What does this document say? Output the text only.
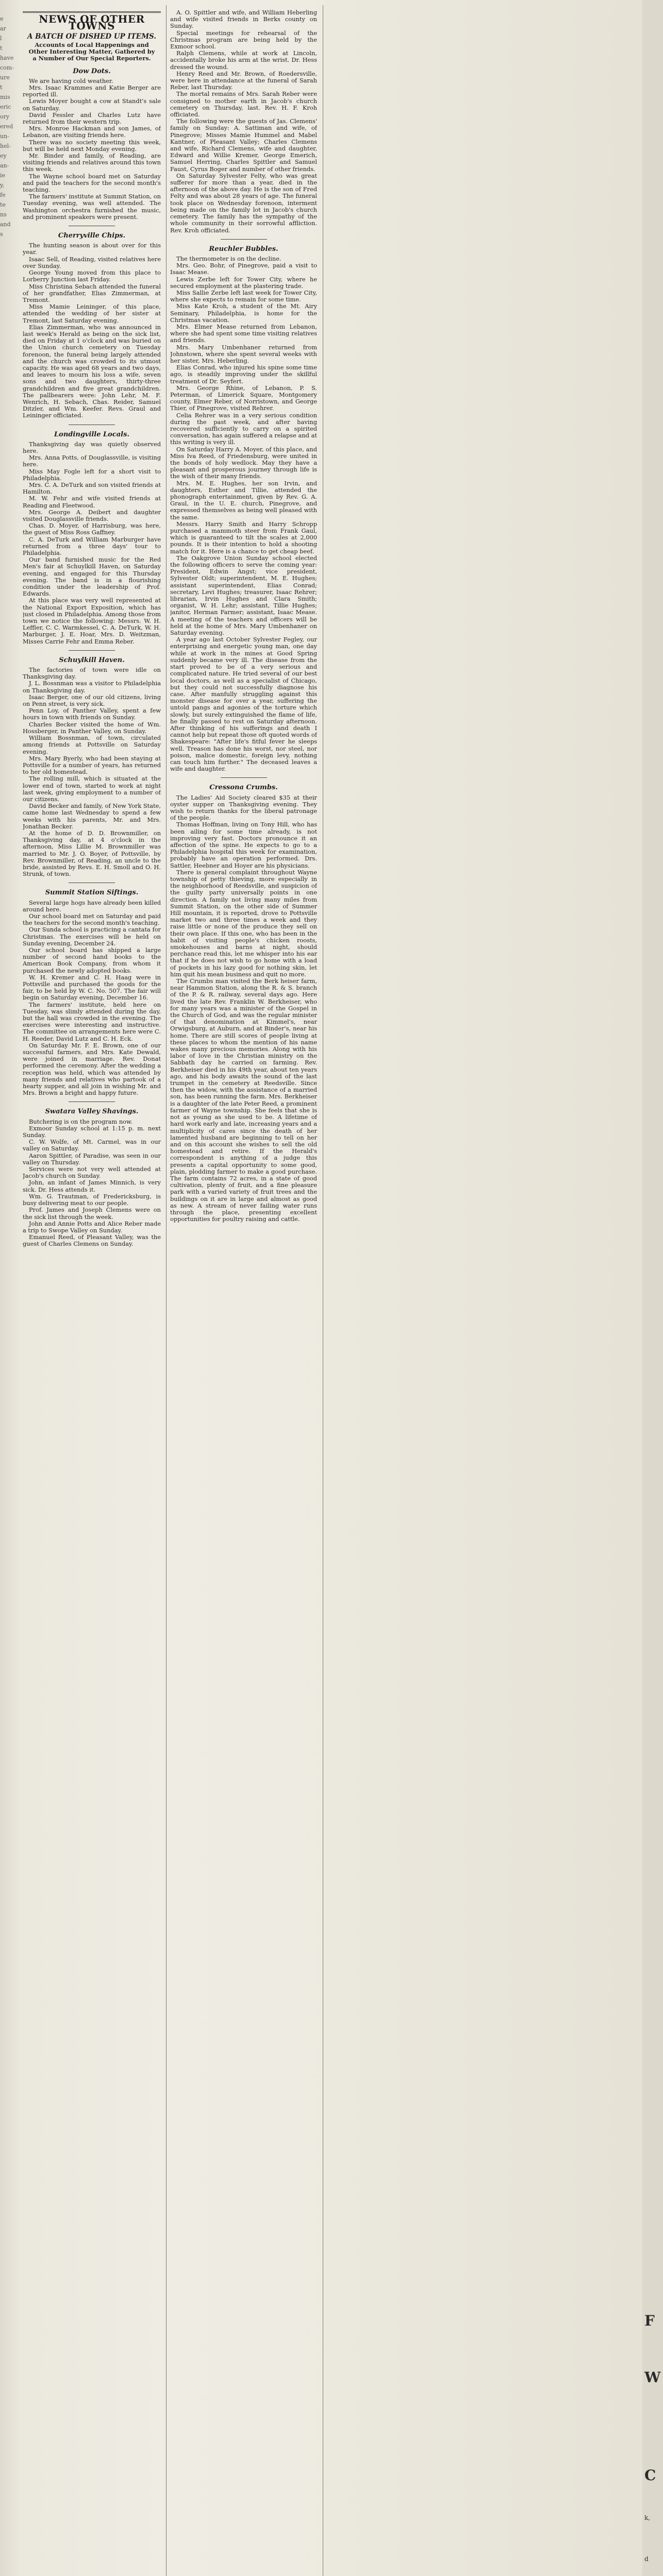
e
ar
l
t
have
com-
ure
t
mis
eric
ory
ered
un-
hel-
ey
an-
ie
y,
fe
te
ns
and
s
NEWS OF OTHER TOWNS
A BATCH OF DISHED UP ITEMS.
Accounts of Local Happenings and Other Interesting Matter, Gathered by a Number of Our Special Reporters.
Dow Dots.

We are having cold weather.

Mrs. Isaac Krammes and Katie Berger are reported ill.

Lewis Moyer bought a cow at Standt's sale on Saturday.

David Fessler and Charles Lutz have returned from their western trip.

Mrs. Monroe Hackman and son James, of Lebanon, are visiting friends here.

There was no society meeting this week, but will be held next Monday evening.

Mr. Binder and family, of Reading, are visiting friends and relatives around this town this week.

The Wayne school board met on Saturday and paid the teachers for the second month's teaching.

The farmers' institute at Summit Station, on Tuesday evening, was well attended. The Washington orchestra furnished the music, and prominent speakers were present.

Cherryville Chips.

The hunting season is about over for this year.

Isaac Sell, of Reading, visited relatives here over Sunday.

George Young moved from this place to Lorberry Junction last Friday.

Miss Christina Sebach attended the funeral of her grandfather, Elias Zimmerman, at Tremont.

Miss Mamie Leininger, of this place, attended the wedding of her sister at Tremont, last Saturday evening.

Elias Zimmerman, who was announced in last week's Herald as being on the sick list, died on Friday at 1 o'clock and was buried on the Union church cemetery on Tuesday forenoon, the funeral being largely attended and the church was crowded to its utmost capacity. He was aged 68 years and two days, and leaves to mourn his loss a wife, seven sons and two daughters, thirty-three grandchildren and five great grandchildren. The pallbearers were: John Lehr, M. F. Wenrich, H. Sebach, Chas. Reider, Samuel Ditzler, and Wm. Keefer. Revs. Graul and Leininger officiated.

Londingville Locals.

Thanksgiving day was quietly observed here.

Mrs. Anna Potts, of Douglassville, is visiting here.

Miss May Fogle left for a short visit to Philadelphia.

Mrs. C. A. DeTurk and son visited friends at Hamilton.

M. W. Fehr and wife visited friends at Reading and Fleetwood.

Mrs. George A. Deibert and daughter visited Douglassville friends.

Chas. D. Moyer, of Harrisburg, was here, the guest of Miss Ross Gaffney.

C. A. DeTurk and William Marburger have returned from a three days' tour to Philadelphia.

Our band furnished music for the Red Men's fair at Schuylkill Haven, on Saturday evening, and engaged for this Thursday evening. The band is in a flourishing condition under the leadership of Prof. Edwards.

At this place was very well represented at the National Export Exposition, which has just closed in Philadelphia. Among those from town we notice the following: Messrs. W. H. Leffler, C. C. Warmkessel, C. A. DeTurk, W. H. Marburger, J. E. Hoar, Mrs. D. Weitzman, Misses Carrie Fehr and Emma Reber.

Schuylkill Haven.

The factories of town were idle on Thanksgiving day.

J. L. Bossnman was a visitor to Philadelphia on Thanksgiving day.

Isaac Berger, one of our old citizens, living on Penn street, is very sick.

Penn Loy, of Panther Valley, spent a few hours in town with friends on Sunday.

Charles Becker visited the home of Wm. Hossberger, in Panther Valley, on Sunday.

William Bossnman, of town, circulated among friends at Pottsville on Saturday evening.

Mrs. Mary Byerly, who had been staying at Pottsville for a number of years, has returned to her old homestead.

The rolling mill, which is situated at the lower end of town, started to work at night last week, giving employment to a number of our citizens.

David Becker and family, of New York State, came home last Wednesday to spend a few weeks with his parents, Mr. and Mrs. Jonathan Becker.

At the home of D. D. Brownmiller, on Thanksgiving day, at 4 o'clock in the afternoon, Miss Lillie M. Brownmiller was married to Mr. J. O. Boyer, of Pottsville, by Rev. Brownmiller, of Reading, an uncle to the bride, assisted by Revs. E. H. Smoll and O. H. Strunk, of town.

Summit Station Siftings.

Several large hogs have already been killed around here.

Our school board met on Saturday and paid the teachers for the second month's teaching.

Our Sunda school is practicing a cantata for Christmas. The exercises will be held on Sunday evening, December 24.

Our school board has shipped a large number of second hand books to the American Book Company, from whom it purchased the newly adopted books.

W. H. Kremer and C. H. Haag were in Pottsville and purchased the goods for the fair, to be held by W. C. No. 507. The fair will begin on Saturday evening, December 16.

The farmers' institute, held here on Tuesday, was slimly attended during the day, but the hall was crowded in the evening. The exercises were interesting and instructive. The committee on arrangements here were C. H. Reeder, David Lutz and C. H. Eck.

On Saturday Mr. F. E. Brown, one of our successful farmers, and Mrs. Kate Dewald, were joined in marriage. Rev. Donat performed the ceremony. After the wedding a reception was held, which was attended by many friends and relatives who partook of a hearty supper, and all join in wishing Mr. and Mrs. Brown a bright and happy future.

Swatara Valley Shavings.

Butchering is on the program now.

Exmoor Sunday school at 1:15 p. m. next Sunday.

C. W. Wolfe, of Mt. Carmel, was in our valley on Saturday.

Aaron Spittler, of Paradise, was seen in our valley on Thursday.

Services were not very well attended at Jacob's church on Sunday.

John, an infant of James Minnich, is very sick. Dr. Hess attends it.

Wm. G. Trautman, of Fredericksburg, is busy delivering meat to our people.

Prof. James and Joseph Clemens were on the sick list through the week.

John and Annie Potts and Alice Reber made a trip to Swope Valley on Sunday.

Emanuel Reed, of Pleasant Valley, was the guest of Charles Clemens on Sunday.

A. O. Spittler and wife, and William Heberling and wife visited friends in Berks county on Sunday.

Special meetings for rehearsal of the Christmas program are being held by the Exmoor school.

Ralph Clemens, while at work at Lincoln, accidentally broke his arm at the wrist. Dr. Hess dressed the wound.

Henry Reed and Mr. Brown, of Roedersville, were here in attendance at the funeral of Sarah Reber, last Thursday.

The mortal remains of Mrs. Sarah Reber were consigned to mother earth in Jacob's church cemetery on Thursday, last. Rev. H. F. Kroh officiated.

The following were the guests of Jas. Clemens' family on Sunday: A. Sattiman and wife, of Pinegrove; Misses Mamie Hummel and Mabel Kantner, of Pleasant Valley; Charles Clemens and wife, Richard Clemens, wife and daughter, Edward and Willie Kremer, George Emerich, Samuel Herring, Charles Spittler and Samuel Faust, Cyrus Boger and number of other friends.

On Saturday Sylvester Felty, who was great sufferer for more than a year, died in the afternoon of the above day. He is the son of Fred Felty and was about 28 years of age. The funeral took place on Wednesday forenoon, interment being made on the family lot in Jacob's church cemetery. The family has the sympathy of the whole community in their sorrowful affliction. Rev. Kroh officiated.

Reuchler Bubbles.

The thermometer is on the decline.

Mrs. Geo. Bohr, of Pinegrove, paid a visit to Isaac Mease.

Lewis Zerbe left for Tower City, where he secured employment at the plastering trade.

Miss Sallie Zerbe left last week for Tower City, where she expects to remain for some time.

Miss Kate Kroh, a student of the Mt. Airy Seminary, Philadelphia, is home for the Christmas vacation.

Mrs. Elmer Mease returned from Lebanon, where she had spent some time visiting relatives and friends.

Mrs. Mary Umbenhaner returned from Johnstown, where she spent several weeks with her sister, Mrs. Heberling.

Elias Conrad, who injured his spine some time ago, is steadily improving under the skillful treatment of Dr. Seyfert.

Mrs. George Rhine, of Lebanon, P. S. Peterman, of Limerick Square, Montgomery county, Elmer Reber, of Norristown, and George Thier, of Pinegrove, visited Rehrer.

Celia Rehrer was in a very serious condition during the past week, and after having recovered sufficiently to carry on a spirited conversation, has again suffered a relapse and at this writing is very ill.

On Saturday Harry A. Moyer, of this place, and Miss Iva Reed, of Friedensburg, were united in the bonds of holy wedlock. May they have a pleasant and prosperous journey through life is the wish of their many friends.

Mrs. M. E. Hughes, her son Irvin, and daughters, Esther and Tillie, attended the phonograph entertainment, given by Rev. G. A. Graul, in the U. E. church, Pinegrove, and expressed themselves as being well pleased with the same.

Messrs. Harry Smith and Harry Schropp purchased a mammoth steer from Frank Gaul, which is guaranteed to tilt the scales at 2,000 pounds. It is their intention to hold a shooting match for it. Here is a chance to get cheap beef.

The Oakgrove Union Sunday school elected the following officers to serve the coming year: President, Edwin Angst; vice president, Sylvester Oldt; superintendent, M. E. Hughes; assistant superintendent, Elias Conrad; secretary, Levi Hughes; treasurer, Isaac Rehrer; librarian, Irvin Hughes and Clara Smith; organist, W. H. Lehr; assistant, Tillie Hughes; janitor, Herman Farmer; assistant, Isaac Mease. A meeting of the teachers and officers will be held at the home of Mrs. Mary Umbenhaner on Saturday evening.

A year ago last October Sylvester Fegley, our enterprising and energetic young man, one day while at work in the mines at Good Spring suddenly became very ill. The disease from the start proved to be of a very serious and complicated nature. He tried several of our best local doctors, as well as a specialist of Chicago, but they could not successfully diagnose his case. After manfully struggling against this monster disease for over a year, suffering the untold pangs and agonies of the torture which slowly, but surely extinguished the flame of life, he finally passed to rest on Saturday afternoon. After thinking of his sufferings and death I cannot help but repeat those oft quoted words of Shakespeare: "After life's fitful fever he sleeps well. Treason has done his worst, nor steel, nor poison, malice domestic, foreign levy, nothing can touch him further." The deceased leaves a wife and daughter.

Cressona Crumbs.

The Ladies' Aid Society cleared $35 at their oyster supper on Thanksgiving evening. They wish to return thanks for the liberal patronage of the people.

Thomas Hoffman, living on Tony Hill, who has been ailing for some time already, is not improving very fast. Doctors pronounce it an affection of the spine. He expects to go to a Philadelphia hospital this week for examination, probably have an operation performed. Drs. Sattler, Heebner and Hoyer are his physicians.

There is general complaint throughout Wayne township of petty thieving, more especially in the neighborhood of Reedsville, and suspicion of the guilty party universally points in one direction. A family not living many miles from Summit Station, on the other side of Summer Hill mountain, it is reported, drove to Pottsville market two and three times a week and they raise little or none of the produce they sell on their own place. If this one, who has been in the habit of visiting people's chicken roosts, smokehouses and barns at night, should perchance read this, let me whisper into his ear that if he does not wish to go home with a load of pockets in his lazy good for nothing skin, let him quit his mean business and quit no more.

The Crumbs man visited the Berk heiser farm, near Hammon Station, along the R. & S. branch of the P. & R. railway, several days ago. Here lived the late Rev. Franklin W. Berkheiser, who for many years was a minister of the Gospel in the Church of God, and was the regular minister of that denomination at Kimmel's, near Orwigsburg, at Auburn, and at Binder's, near his home. There are still scores of people living at these places to whom the mention of his name wakes many precious memories. Along with his labor of love in the Christian ministry on the Sabbath day he carried on farming. Rev. Berkheiser died in his 49th year, about ten years ago, and his body awaits the sound of the last trumpet in the cemetery at Reedsville. Since then the widow, with the assistance of a married son, has been running the farm. Mrs. Berkheiser is a daughter of the late Peter Reed, a prominent farmer of Wayne township. She feels that she is not as young as she used to be. A lifetime of hard work early and late, increasing years and a multiplicity of cares since the death of her lamented husband are beginning to tell on her and on this account she wishes to sell the old homestead and retire. If the Herald's correspondent is anything of a judge this presents a capital opportunity to some good, plain, plodding farmer to make a good purchase. The farm contains 72 acres, in a state of good cultivation, plenty of fruit, and a fine pleasure park with a varied variety of fruit trees and the buildings on it are in large and almost as good as new. A stream of never failing water runs through the place, presenting excellent opportunities for poultry raising and cattle.

F
W
C
k,
d
